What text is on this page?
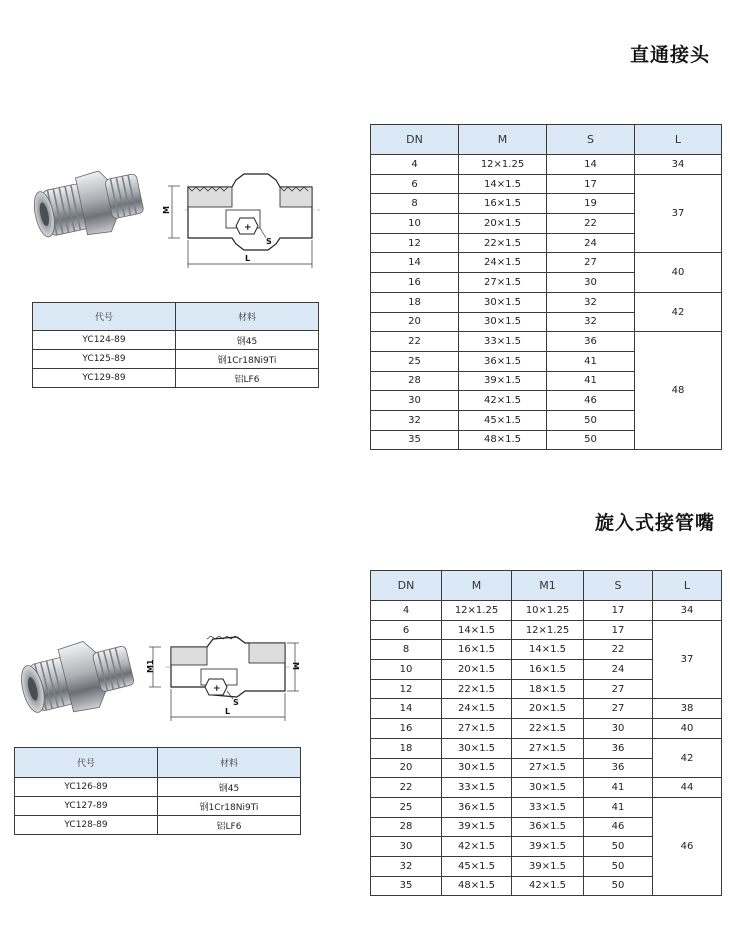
直通接头
M
+
S
L
代号	材料
YC124-89	钢45
YC125-89	钢1Cr18Ni9Ti
YC129-89	铝LF6
DN	M	S	L
4	12×1.25	14	34
6	14×1.5	17	37
8	16×1.5	19	
10	20×1.5	22	
12	22×1.5	24	
14	24×1.5	27	40
16	27×1.5	30	
18	30×1.5	32	42
20	30×1.5	32	
22	33×1.5	36	48
25	36×1.5	41	
28	39×1.5	41	
30	42×1.5	46	
32	45×1.5	50	
35	48×1.5	50	
旋入式接管嘴
M1	M
+
S
L
代号	材料
YC126-89	钢45
YC127-89	钢1Cr18Ni9Ti
YC128-89	铝LF6
DN	M	M1	S	L
4	12×1.25	10×1.25	17	34
6	14×1.5	12×1.25	17	37
8	16×1.5	14×1.5	22	
10	20×1.5	16×1.5	24	
12	22×1.5	18×1.5	27	
14	24×1.5	20×1.5	27	38
16	27×1.5	22×1.5	30	40
18	30×1.5	27×1.5	36	42
20	30×1.5	27×1.5	36	
22	33×1.5	30×1.5	41	44
25	36×1.5	33×1.5	41	46
28	39×1.5	36×1.5	46	
30	42×1.5	39×1.5	50	
32	45×1.5	39×1.5	50	
35	48×1.5	42×1.5	50	
